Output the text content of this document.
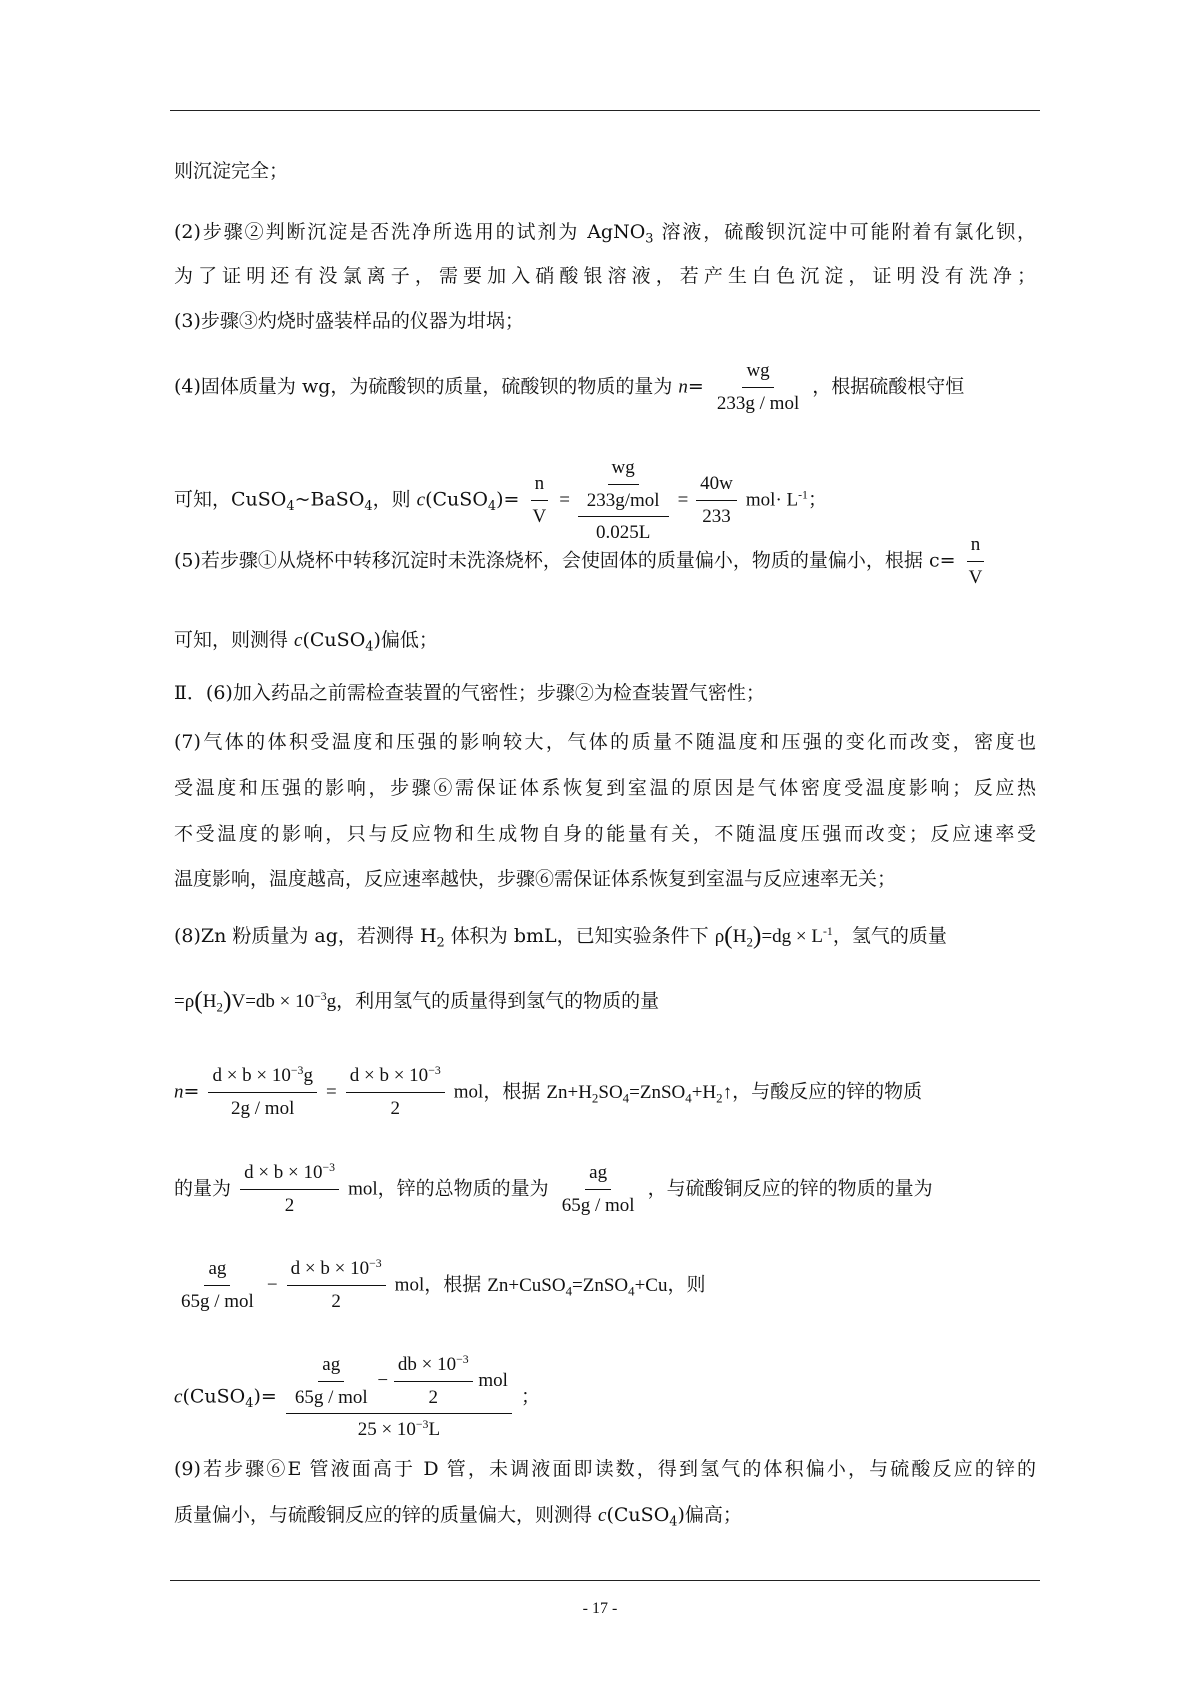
则沉淀完全；
(2)步骤②判断沉淀是否洗净所选用的试剂为 AgNO$_3$ 溶液，硫酸钡沉淀中可能附着有氯化钡，
为了证明还有没氯离子，需要加入硝酸银溶液，若产生白色沉淀，证明没有洗净；
(3)步骤③灼烧时盛装样品的仪器为坩埚；
(4)固体质量为 wg，为硫酸钡的质量，硫酸钡的物质的量为 $n= \frac{wg}{\text{233g / mol}}$ ，根据硫酸根守恒
可知，CuSO$_4$~BaSO$_4$，则 c(CuSO$_4$)= $\frac{n}{V} = \frac{\frac{wg}{\text{233g/mol}}}{0.025L} = \frac{40w}{233} mol\cdot L^{-1}$；
(5)若步骤①从烧杯中转移沉淀时未洗涤烧杯，会使固体的质量偏小，物质的量偏小，根据 $c= \frac{n}{V}$
可知，则测得 c(CuSO$_4$)偏低；
Ⅱ．(6)加入药品之前需检查装置的气密性；步骤②为检查装置气密性；
(7)气体的体积受温度和压强的影响较大，气体的质量不随温度和压强的变化而改变，密度也
受温度和压强的影响，步骤⑥需保证体系恢复到室温的原因是气体密度受温度影响；反应热
不受温度的影响，只与反应物和生成物自身的能量有关，不随温度压强而改变；反应速率受
温度影响，温度越高，反应速率越快，步骤⑥需保证体系恢复到室温与反应速率无关；
(8)Zn 粉质量为 ag，若测得 $H_2$ 体积为 bmL，已知实验条件下 $\rho(H_2)=dg \times L^{-1}$，氢气的质量
$=\rho(H_2)V=db \times 10^{-3}g$，利用氢气的质量得到氢气的物质的量
$n= \frac{d \times b \times 10^{-3}g}{\text{2g / mol}} = \frac{d \times b \times 10^{-3}}{2}$ mol，根据 $Zn+H_2SO_4=ZnSO_4+H_2↑$，与酸反应的锌的物质
的量为 $\frac{d \times b \times 10^{-3}}{2}$ mol，锌的总物质的量为 $\frac{ag}{\text{65g / mol}}$ ，与硫酸铜反应的锌的物质的量为
$\frac{ag}{\text{65g / mol}} - \frac{d \times b \times 10^{-3}}{2}$ mol，根据 Zn+CuSO$_4$=ZnSO$_4$+Cu，则
c(CuSO$_4$)= $\frac{ag}{\text{65g / mol}} - \frac{db \times 10^{-3}}{2}$ mol
$25 \times 10^{-3}L$
；
(9)若步骤⑥E 管液面高于 D 管，未调液面即读数，得到氢气的体积偏小，与硫酸反应的锌的
质量偏小，与硫酸铜反应的锌的质量偏大，则测得 c(CuSO$_4$)偏高；
- 17 -
